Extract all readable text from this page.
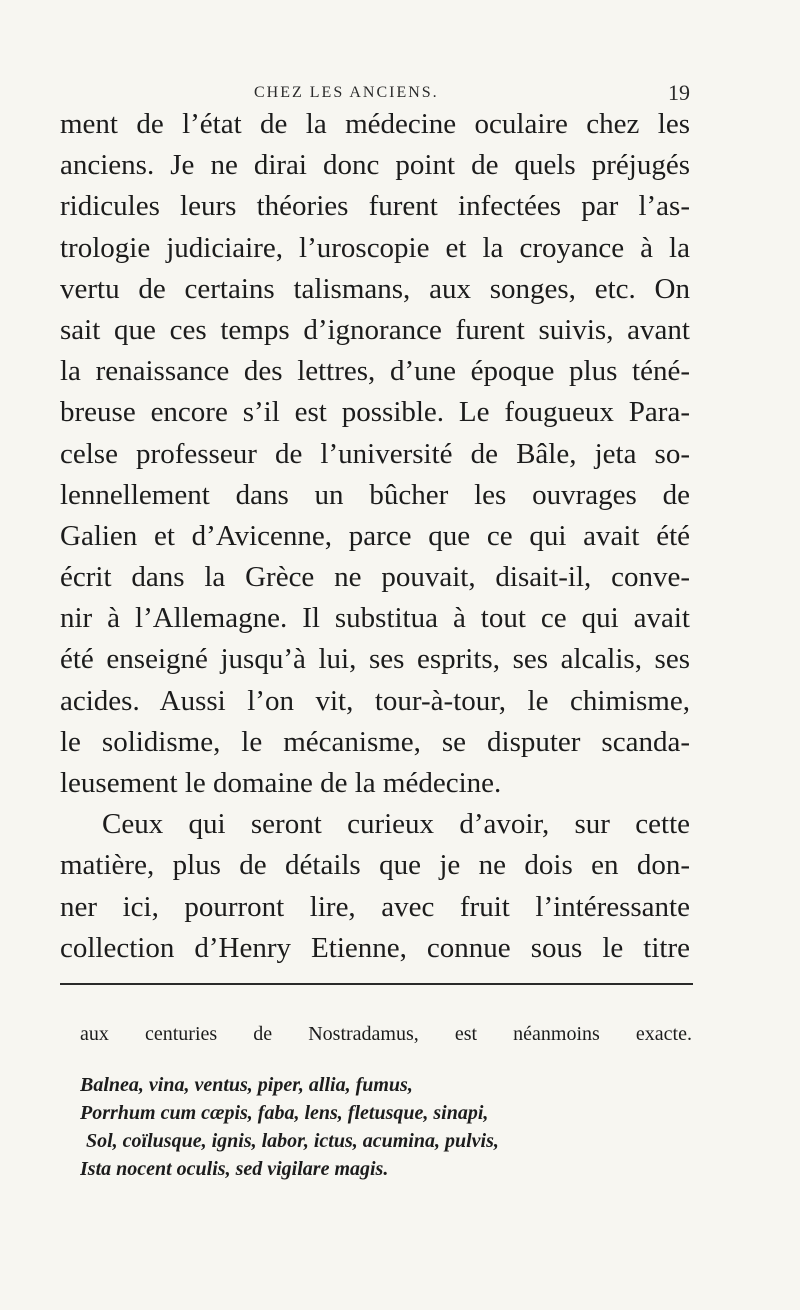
CHEZ LES ANCIENS.	19
ment de l’état de la médecine oculaire chez les
anciens. Je ne dirai donc point de quels préjugés
ridicules leurs théories furent infectées par l’as-
trologie judiciaire, l’uroscopie et la croyance à la
vertu de certains talismans, aux songes, etc. On
sait que ces temps d’ignorance furent suivis, avant
la renaissance des lettres, d’une époque plus téné-
breuse encore s’il est possible. Le fougueux Para-
celse professeur de l’université de Bâle, jeta so-
lennellement dans un bûcher les ouvrages de
Galien et d’Avicenne, parce que ce qui avait été
écrit dans la Grèce ne pouvait, disait-il, conve-
nir à l’Allemagne. Il substitua à tout ce qui avait
été enseigné jusqu’à lui, ses esprits, ses alcalis, ses
acides. Aussi l’on vit, tour-à-tour, le chimisme,
le solidisme, le mécanisme, se disputer scanda-
leusement le domaine de la médecine.
Ceux qui seront curieux d’avoir, sur cette
matière, plus de détails que je ne dois en don-
ner ici, pourront lire, avec fruit l’intéressante
collection d’Henry Etienne, connue sous le titre
aux centuries de Nostradamus, est néanmoins exacte.
Balnea, vina, ventus, piper, allia, fumus,
Porrhum cum cæpis, faba, lens, fletusque, sinapi,
Sol, coïlusque, ignis, labor, ictus, acumina, pulvis,
Ista nocent oculis, sed vigilare magis.
